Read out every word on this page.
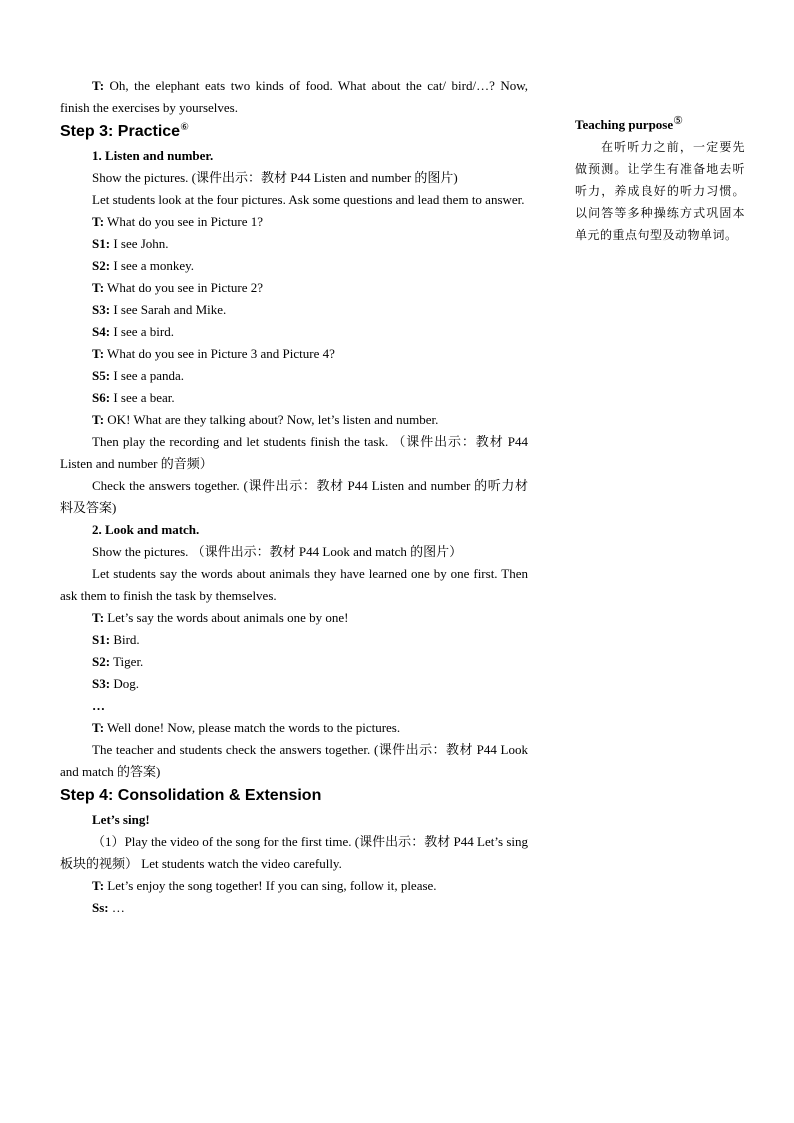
T: Oh, the elephant eats two kinds of food. What about the cat/ bird/…? Now, finish the exercises by yourselves.

Step 3: Practice⑥

1. Listen and number.

Show the pictures. (课件出示：教材 P44 Listen and number 的图片)

Let students look at the four pictures. Ask some questions and lead them to answer.

T: What do you see in Picture 1?

S1: I see John.

S2: I see a monkey.

T: What do you see in Picture 2?

S3: I see Sarah and Mike.

S4: I see a bird.

T: What do you see in Picture 3 and Picture 4?

S5: I see a panda.

S6: I see a bear.

T: OK! What are they talking about? Now, let’s listen and number.

Then play the recording and let students finish the task. （课件出示：教材 P44 Listen and number 的音频）

Check the answers together. (课件出示：教材 P44 Listen and number 的听力材料及答案)

2. Look and match.

Show the pictures. （课件出示：教材 P44 Look and match 的图片）

Let students say the words about animals they have learned one by one first. Then ask them to finish the task by themselves.

T: Let’s say the words about animals one by one!

S1: Bird.

S2: Tiger.

S3: Dog.

…

T: Well done! Now, please match the words to the pictures.

The teacher and students check the answers together. (课件出示：教材 P44 Look and match 的答案)

Step 4: Consolidation & Extension

Let’s sing!

（1）Play the video of the song for the first time. (课件出示：教材 P44 Let’s sing 板块的视频） Let students watch the video carefully.

T: Let’s enjoy the song together! If you can sing, follow it, please.

Ss: …

Teaching purpose⑤

在听听力之前，一定要先做预测。让学生有准备地去听听力，养成良好的听力习惯。以问答等多种操练方式巩固本单元的重点句型及动物单词。
